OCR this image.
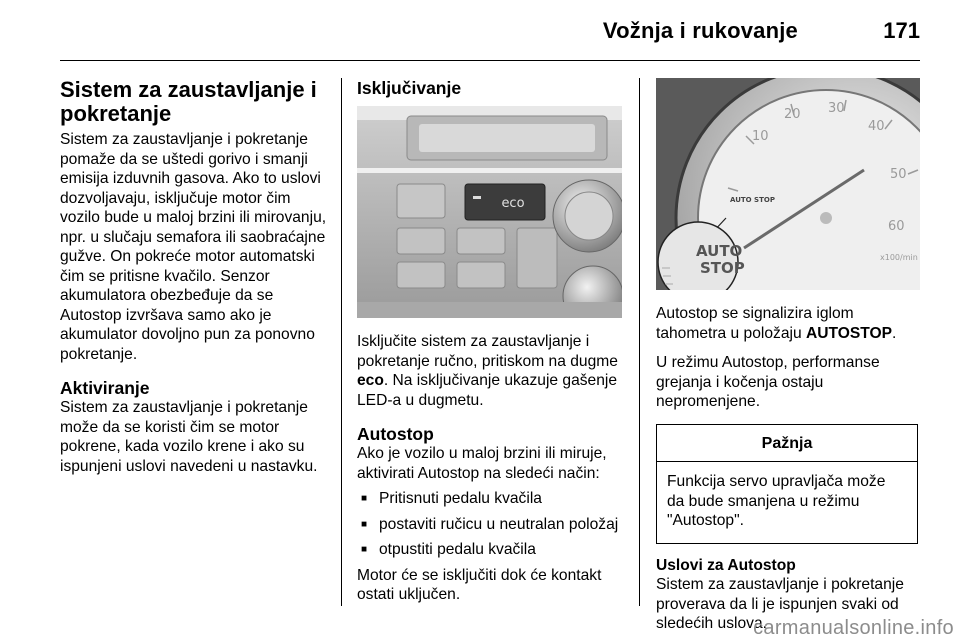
Vožnja i rukovanje	171
Sistem za zaustavljanje i pokretanje

Sistem za zaustavljanje i pokretanje pomaže da se uštedi gorivo i smanji emisija izduvnih gasova. Ako to uslovi dozvoljavaju, isključuje motor čim vozilo bude u maloj brzini ili mirovanju, npr. u slučaju semafora ili saobraćajne gužve. On pokreće motor automatski čim se pritisne kvačilo. Senzor akumulatora obezbeđuje da se Autostop izvršava samo ako je akumulator dovoljno pun za ponovno pokretanje.

Aktiviranje

Sistem za zaustavljanje i pokretanje može da se koristi čim se motor pokrene, kada vozilo krene i ako su ispunjeni uslovi navedeni u nastavku.

Isključivanje
eco

Isključite sistem za zaustavljanje i pokretanje ručno, pritiskom na dugme eco. Na isključivanje ukazuje gašenje LED-a u dugmetu.

Autostop

Ako je vozilo u maloj brzini ili miruje, aktivirati Autostop na sledeći način:

■ Pritisnuti pedalu kvačila
■ postaviti ručicu u neutralan položaj
■ otpustiti pedalu kvačila

Motor će se isključiti dok će kontakt ostati uključen.

10
20 30
40
50
60
x100/min
AUTO STOP
AUTO
STOP

Autostop se signalizira iglom tahometra u položaju AUTOSTOP.

U režimu Autostop, performanse grejanja i kočenja ostaju nepromenjene.

Pažnja
Funkcija servo upravljača može da bude smanjena u režimu "Autostop".
Uslovi za Autostop

Sistem za zaustavljanje i pokretanje proverava da li je ispunjen svaki od sledećih uslova.

carmanualsonline.info
